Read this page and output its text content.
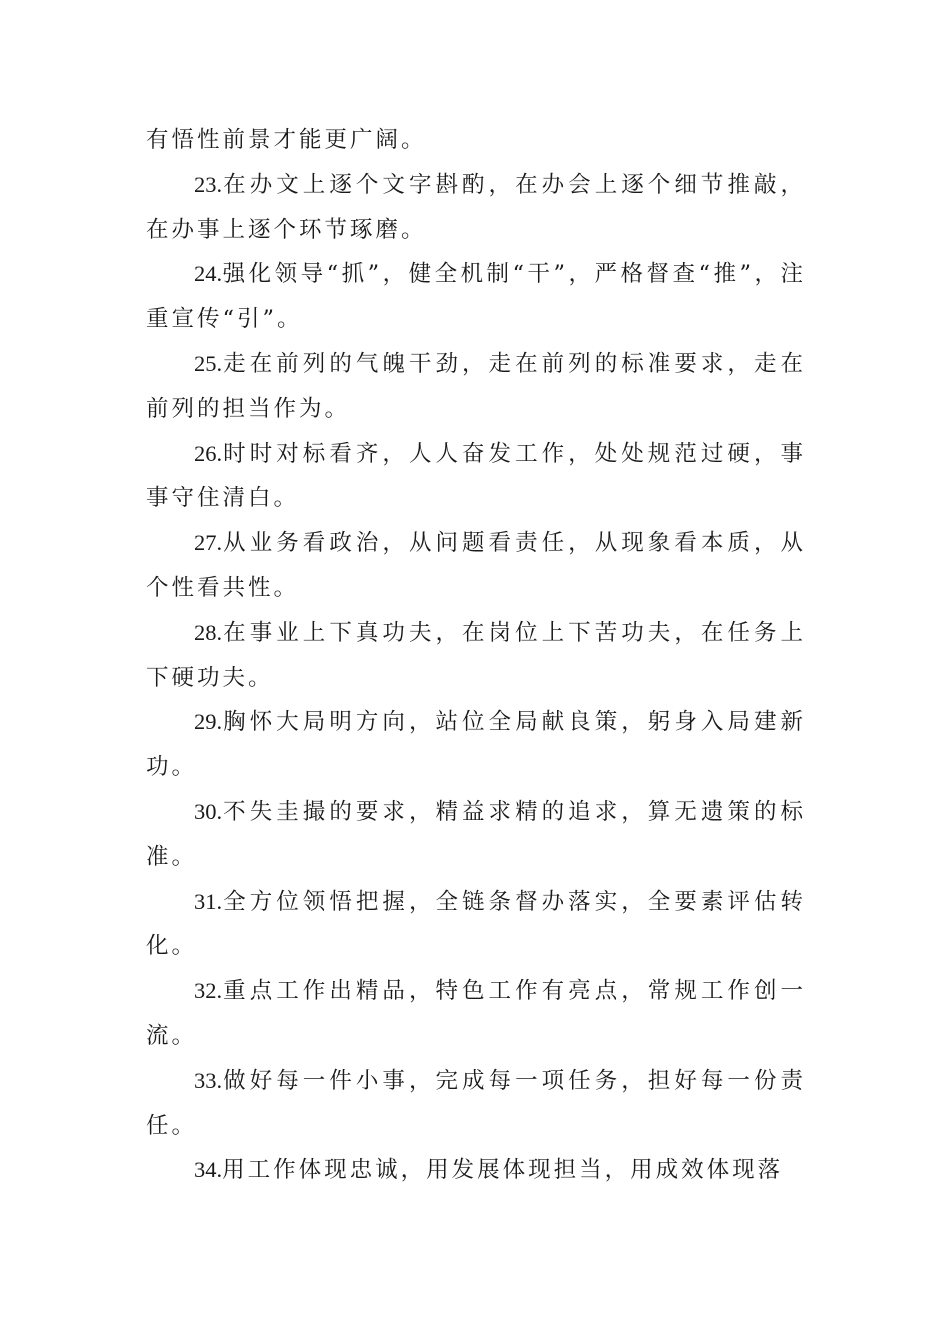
有悟性前景才能更广阔。

23.在办文上逐个文字斟酌，在办会上逐个细节推敲，在办事上逐个环节琢磨。

24.强化领导“抓”，健全机制“干”，严格督查“推”，注重宣传“引”。

25.走在前列的气魄干劲，走在前列的标准要求，走在前列的担当作为。

26.时时对标看齐，人人奋发工作，处处规范过硬，事事守住清白。

27.从业务看政治，从问题看责任，从现象看本质，从个性看共性。

28.在事业上下真功夫，在岗位上下苦功夫，在任务上下硬功夫。

29.胸怀大局明方向，站位全局献良策，躬身入局建新功。

30.不失圭撮的要求，精益求精的追求，算无遗策的标准。

31.全方位领悟把握，全链条督办落实，全要素评估转化。

32.重点工作出精品，特色工作有亮点，常规工作创一流。

33.做好每一件小事，完成每一项任务，担好每一份责任。

34.用工作体现忠诚，用发展体现担当，用成效体现落
